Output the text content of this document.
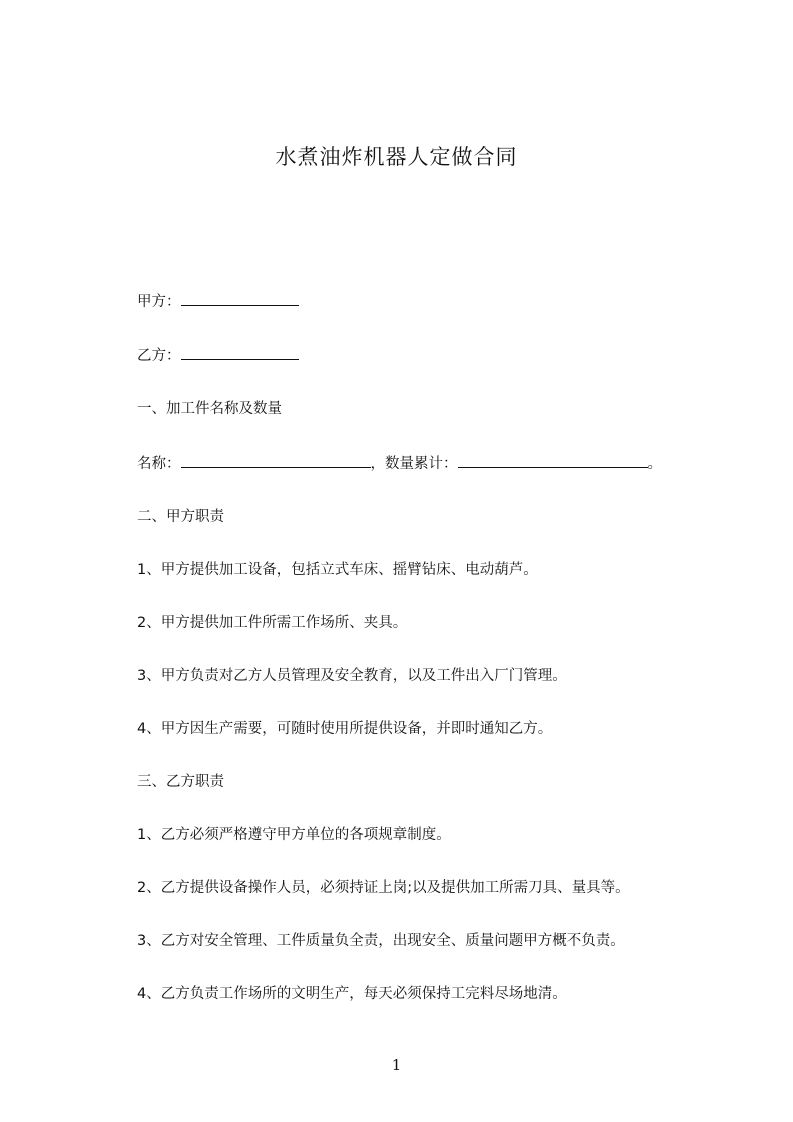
水煮油炸机器人定做合同
甲方：
乙方：
一、加工件名称及数量
名称：	，数量累计：	。
二、甲方职责
1、甲方提供加工设备，包括立式车床、摇臂钻床、电动葫芦。
2、甲方提供加工件所需工作场所、夹具。
3、甲方负责对乙方人员管理及安全教育，以及工件出入厂门管理。
4、甲方因生产需要，可随时使用所提供设备，并即时通知乙方。
三、乙方职责
1、乙方必须严格遵守甲方单位的各项规章制度。
2、乙方提供设备操作人员，必须持证上岗;以及提供加工所需刀具、量具等。
3、乙方对安全管理、工件质量负全责，出现安全、质量问题甲方概不负责。
4、乙方负责工作场所的文明生产，每天必须保持工完料尽场地清。
1
